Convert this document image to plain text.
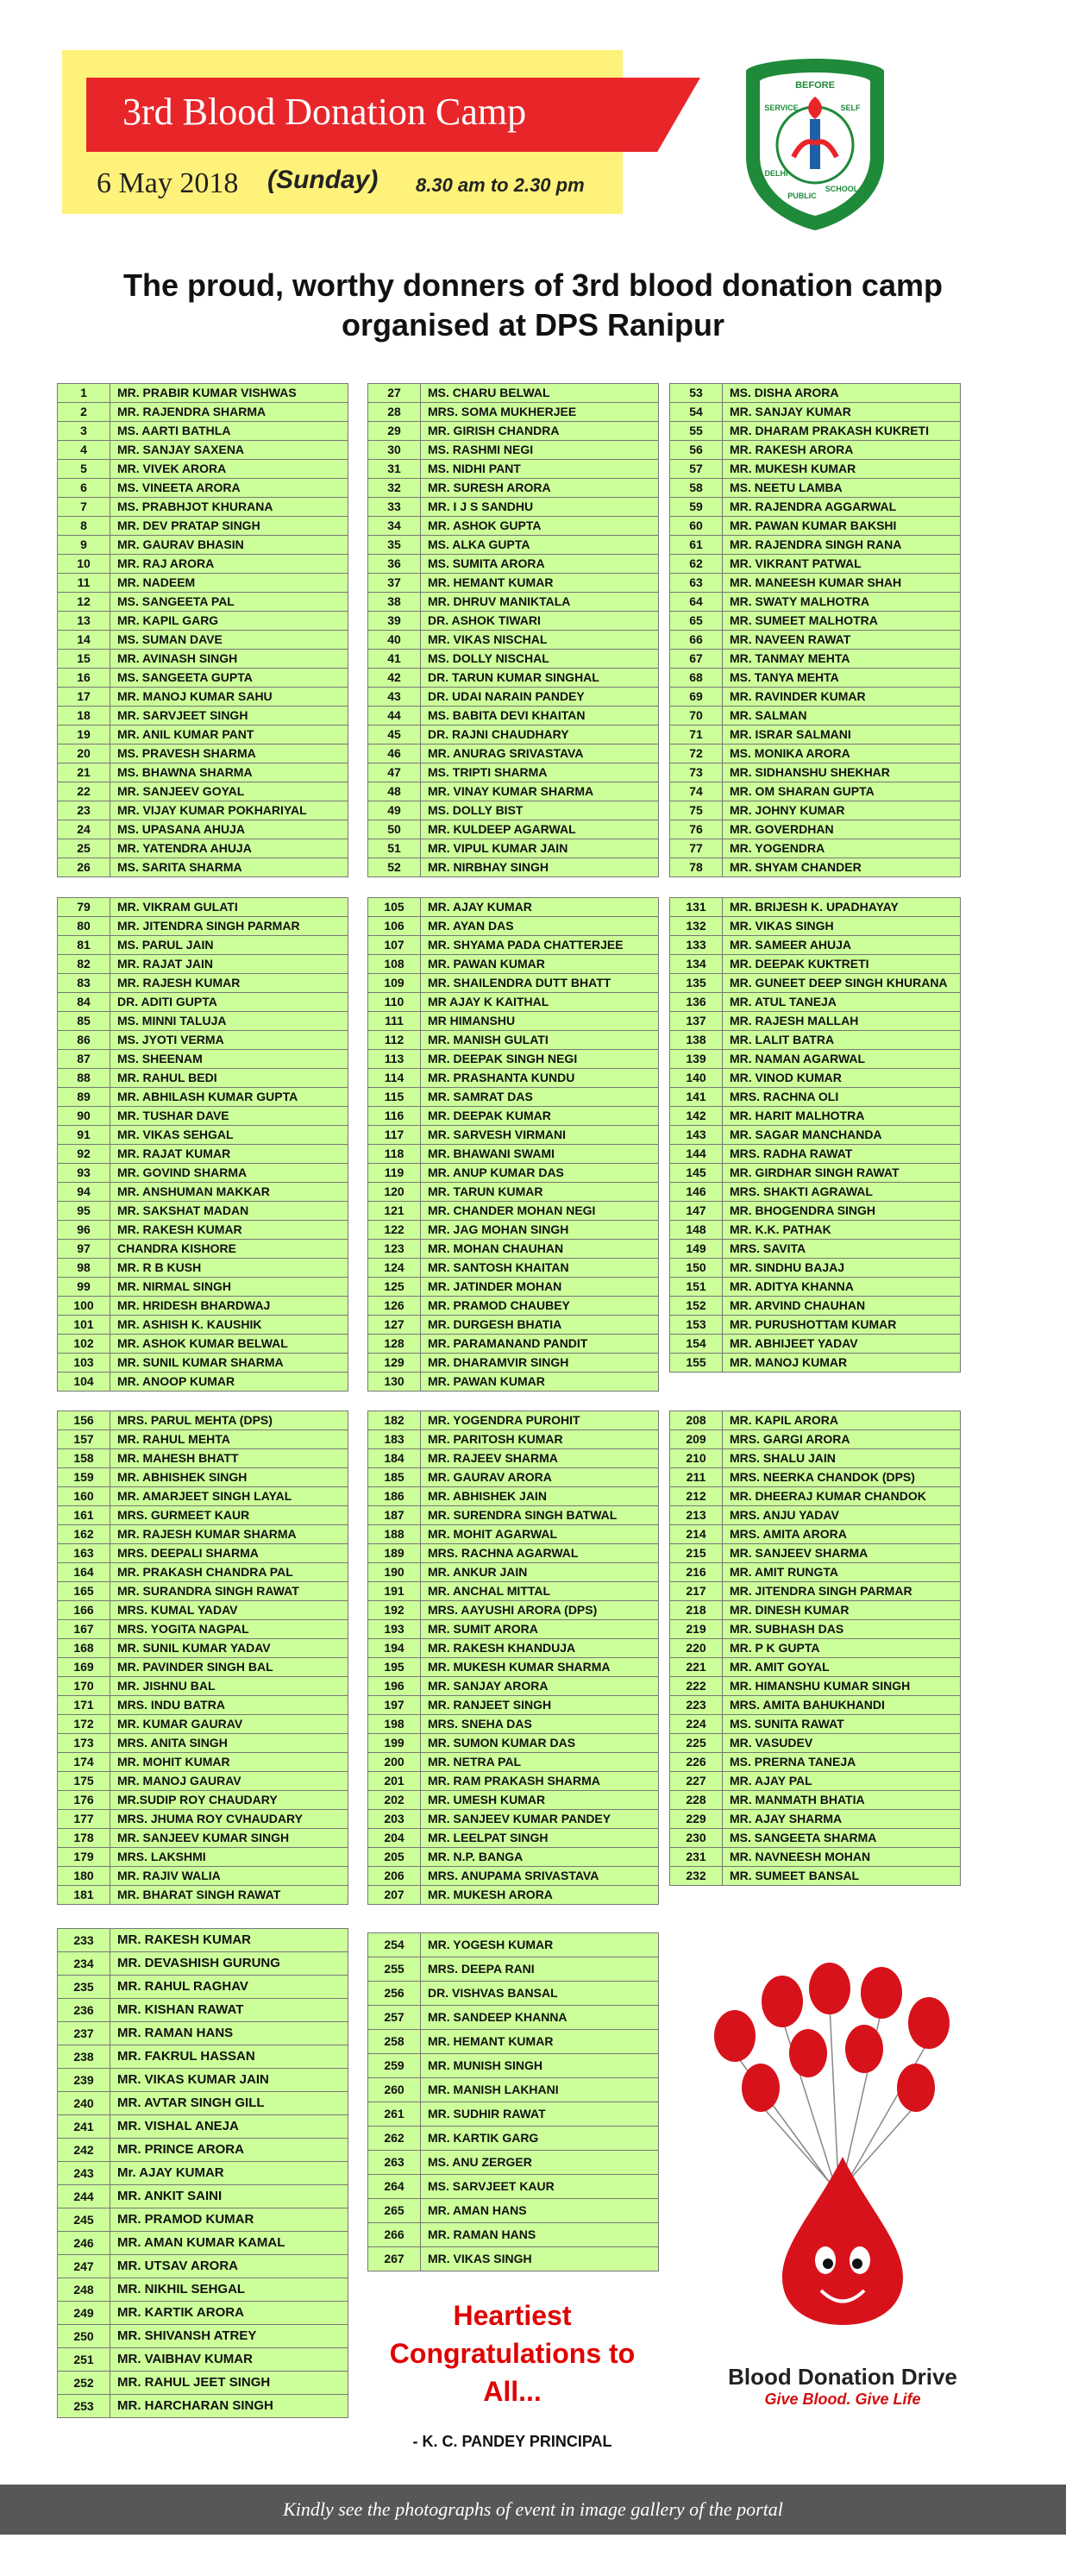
3rd Blood Donation Camp
6 May 2018 (Sunday) 8.30 am to 2.30 pm
BEFORE
SERVICE	SELF
DELHI
PUBLIC
SCHOOL
The proud, worthy donners of 3rd blood donation camp
organised at DPS Ranipur
1	MR. PRABIR KUMAR VISHWAS
2	MR. RAJENDRA SHARMA
3	MS. AARTI BATHLA
4	MR. SANJAY SAXENA
5	MR. VIVEK ARORA
6	MS. VINEETA ARORA
7	MS. PRABHJOT KHURANA
8	MR. DEV PRATAP SINGH
9	MR. GAURAV BHASIN
10	MR. RAJ ARORA
11	MR. NADEEM
12	MS. SANGEETA PAL
13	MR. KAPIL GARG
14	MS. SUMAN DAVE
15	MR. AVINASH SINGH
16	MS. SANGEETA GUPTA
17	MR. MANOJ KUMAR SAHU
18	MR. SARVJEET SINGH
19	MR. ANIL KUMAR PANT
20	MS. PRAVESH SHARMA
21	MS. BHAWNA SHARMA
22	MR. SANJEEV GOYAL
23	MR. VIJAY KUMAR POKHARIYAL
24	MS. UPASANA AHUJA
25	MR. YATENDRA AHUJA
26	MS. SARITA SHARMA
27	MS. CHARU BELWAL
28	MRS. SOMA MUKHERJEE
29	MR. GIRISH CHANDRA
30	MS. RASHMI NEGI
31	MS. NIDHI PANT
32	MR. SURESH ARORA
33	MR. I J S SANDHU
34	MR. ASHOK GUPTA
35	MS. ALKA GUPTA
36	MS. SUMITA ARORA
37	MR. HEMANT KUMAR
38	MR. DHRUV MANIKTALA
39	DR. ASHOK TIWARI
40	MR. VIKAS NISCHAL
41	MS. DOLLY NISCHAL
42	DR. TARUN KUMAR SINGHAL
43	DR. UDAI NARAIN PANDEY
44	MS. BABITA DEVI KHAITAN
45	DR. RAJNI CHAUDHARY
46	MR. ANURAG SRIVASTAVA
47	MS. TRIPTI SHARMA
48	MR. VINAY KUMAR SHARMA
49	MS. DOLLY BIST
50	MR. KULDEEP AGARWAL
51	MR. VIPUL KUMAR JAIN
52	MR. NIRBHAY SINGH
53	MS. DISHA ARORA
54	MR. SANJAY KUMAR
55	MR. DHARAM PRAKASH KUKRETI
56	MR. RAKESH ARORA
57	MR. MUKESH KUMAR
58	MS. NEETU LAMBA
59	MR. RAJENDRA AGGARWAL
60	MR. PAWAN KUMAR BAKSHI
61	MR. RAJENDRA SINGH RANA
62	MR. VIKRANT PATWAL
63	MR. MANEESH KUMAR SHAH
64	MR. SWATY MALHOTRA
65	MR. SUMEET MALHOTRA
66	MR. NAVEEN RAWAT
67	MR. TANMAY MEHTA
68	MS. TANYA MEHTA
69	MR. RAVINDER KUMAR
70	MR. SALMAN
71	MR. ISRAR SALMANI
72	MS. MONIKA ARORA
73	MR. SIDHANSHU SHEKHAR
74	MR. OM SHARAN GUPTA
75	MR. JOHNY KUMAR
76	MR. GOVERDHAN
77	MR. YOGENDRA
78	MR. SHYAM CHANDER
79	MR. VIKRAM GULATI
80	MR. JITENDRA SINGH PARMAR
81	MS. PARUL JAIN
82	MR. RAJAT JAIN
83	MR. RAJESH KUMAR
84	DR. ADITI GUPTA
85	MS. MINNI TALUJA
86	MS. JYOTI VERMA
87	MS. SHEENAM
88	MR. RAHUL BEDI
89	MR. ABHILASH KUMAR GUPTA
90	MR. TUSHAR DAVE
91	MR. VIKAS SEHGAL
92	MR. RAJAT KUMAR
93	MR. GOVIND SHARMA
94	MR. ANSHUMAN MAKKAR
95	MR. SAKSHAT MADAN
96	MR. RAKESH KUMAR
97	CHANDRA KISHORE
98	MR. R B KUSH
99	MR. NIRMAL SINGH
100	MR. HRIDESH BHARDWAJ
101	MR. ASHISH K. KAUSHIK
102	MR. ASHOK KUMAR BELWAL
103	MR. SUNIL KUMAR SHARMA
104	MR. ANOOP KUMAR
105	MR. AJAY KUMAR
106	MR. AYAN DAS
107	MR. SHYAMA PADA CHATTERJEE
108	MR. PAWAN KUMAR
109	MR. SHAILENDRA DUTT BHATT
110	MR AJAY K KAITHAL
111	MR HIMANSHU
112	MR. MANISH GULATI
113	MR. DEEPAK SINGH NEGI
114	MR. PRASHANTA KUNDU
115	MR. SAMRAT DAS
116	MR. DEEPAK KUMAR
117	MR. SARVESH VIRMANI
118	MR. BHAWANI SWAMI
119	MR. ANUP KUMAR DAS
120	MR. TARUN KUMAR
121	MR. CHANDER MOHAN NEGI
122	MR. JAG MOHAN SINGH
123	MR. MOHAN CHAUHAN
124	MR. SANTOSH KHAITAN
125	MR. JATINDER MOHAN
126	MR. PRAMOD CHAUBEY
127	MR. DURGESH BHATIA
128	MR. PARAMANAND PANDIT
129	MR. DHARAMVIR SINGH
130	MR. PAWAN KUMAR
131	MR. BRIJESH K. UPADHAYAY
132	MR. VIKAS SINGH
133	MR. SAMEER AHUJA
134	MR. DEEPAK KUKTRETI
135	MR. GUNEET DEEP SINGH KHURANA
136	MR. ATUL TANEJA
137	MR. RAJESH MALLAH
138	MR. LALIT BATRA
139	MR. NAMAN AGARWAL
140	MR. VINOD KUMAR
141	MRS. RACHNA OLI
142	MR. HARIT MALHOTRA
143	MR. SAGAR MANCHANDA
144	MRS. RADHA RAWAT
145	MR. GIRDHAR SINGH RAWAT
146	MRS. SHAKTI AGRAWAL
147	MR. BHOGENDRA SINGH
148	MR. K.K. PATHAK
149	MRS. SAVITA
150	MR. SINDHU BAJAJ
151	MR. ADITYA KHANNA
152	MR. ARVIND CHAUHAN
153	MR. PURUSHOTTAM KUMAR
154	MR. ABHIJEET YADAV
155	MR. MANOJ KUMAR
156	MRS. PARUL MEHTA (DPS)
157	MR. RAHUL MEHTA
158	MR. MAHESH BHATT
159	MR. ABHISHEK SINGH
160	MR. AMARJEET SINGH LAYAL
161	MRS. GURMEET KAUR
162	MR. RAJESH KUMAR SHARMA
163	MRS. DEEPALI SHARMA
164	MR. PRAKASH CHANDRA PAL
165	MR. SURANDRA SINGH RAWAT
166	MRS. KUMAL YADAV
167	MRS. YOGITA NAGPAL
168	MR. SUNIL KUMAR YADAV
169	MR. PAVINDER SINGH BAL
170	MR. JISHNU BAL
171	MRS. INDU BATRA
172	MR. KUMAR GAURAV
173	MRS. ANITA SINGH
174	MR. MOHIT KUMAR
175	MR. MANOJ GAURAV
176	MR.SUDIP ROY CHAUDARY
177	MRS. JHUMA ROY CVHAUDARY
178	MR. SANJEEV KUMAR SINGH
179	MRS. LAKSHMI
180	MR. RAJIV WALIA
181	MR. BHARAT SINGH RAWAT
182	MR. YOGENDRA PUROHIT
183	MR. PARITOSH KUMAR
184	MR. RAJEEV SHARMA
185	MR. GAURAV ARORA
186	MR. ABHISHEK JAIN
187	MR. SURENDRA SINGH BATWAL
188	MR. MOHIT AGARWAL
189	MRS. RACHNA AGARWAL
190	MR. ANKUR JAIN
191	MR. ANCHAL MITTAL
192	MRS. AAYUSHI ARORA (DPS)
193	MR. SUMIT ARORA
194	MR. RAKESH KHANDUJA
195	MR. MUKESH KUMAR SHARMA
196	MR. SANJAY ARORA
197	MR. RANJEET SINGH
198	MRS. SNEHA DAS
199	MR. SUMON KUMAR DAS
200	MR. NETRA PAL
201	MR. RAM PRAKASH SHARMA
202	MR. UMESH KUMAR
203	MR. SANJEEV KUMAR PANDEY
204	MR. LEELPAT SINGH
205	MR. N.P. BANGA
206	MRS. ANUPAMA SRIVASTAVA
207	MR. MUKESH ARORA
208	MR. KAPIL ARORA
209	MRS. GARGI ARORA
210	MRS. SHALU JAIN
211	MRS. NEERKA CHANDOK (DPS)
212	MR. DHEERAJ KUMAR CHANDOK
213	MRS. ANJU YADAV
214	MRS. AMITA ARORA
215	MR. SANJEEV SHARMA
216	MR. AMIT RUNGTA
217	MR. JITENDRA SINGH PARMAR
218	MR. DINESH KUMAR
219	MR. SUBHASH DAS
220	MR. P K GUPTA
221	MR. AMIT GOYAL
222	MR. HIMANSHU KUMAR SINGH
223	MRS. AMITA BAHUKHANDI
224	MS. SUNITA RAWAT
225	MR. VASUDEV
226	MS. PRERNA TANEJA
227	MR. AJAY PAL
228	MR. MANMATH BHATIA
229	MR. AJAY SHARMA
230	MS. SANGEETA SHARMA
231	MR. NAVNEESH MOHAN
232	MR. SUMEET BANSAL
233	MR. RAKESH KUMAR
234	MR. DEVASHISH GURUNG
235	MR. RAHUL RAGHAV
236	MR. KISHAN RAWAT
237	MR. RAMAN HANS
238	MR. FAKRUL HASSAN
239	MR. VIKAS KUMAR JAIN
240	MR. AVTAR SINGH GILL
241	MR. VISHAL ANEJA
242	MR. PRINCE ARORA
243	Mr. AJAY KUMAR
244	MR. ANKIT SAINI
245	MR. PRAMOD KUMAR
246	MR. AMAN KUMAR KAMAL
247	MR. UTSAV ARORA
248	MR. NIKHIL SEHGAL
249	MR. KARTIK ARORA
250	MR. SHIVANSH ATREY
251	MR. VAIBHAV KUMAR
252	MR. RAHUL JEET SINGH
253	MR. HARCHARAN SINGH
254	MR. YOGESH KUMAR
255	MRS. DEEPA RANI
256	DR. VISHVAS BANSAL
257	MR. SANDEEP KHANNA
258	MR. HEMANT KUMAR
259	MR. MUNISH SINGH
260	MR. MANISH LAKHANI
261	MR. SUDHIR RAWAT
262	MR. KARTIK GARG
263	MS. ANU ZERGER
264	MS. SARVJEET KAUR
265	MR. AMAN HANS
266	MR. RAMAN HANS
267	MR. VIKAS SINGH
Heartiest
Congratulations to
All...
- K. C. PANDEY PRINCIPAL
Blood Donation Drive
Give Blood. Give Life
Kindly see the photographs of event in image gallery of the portal
